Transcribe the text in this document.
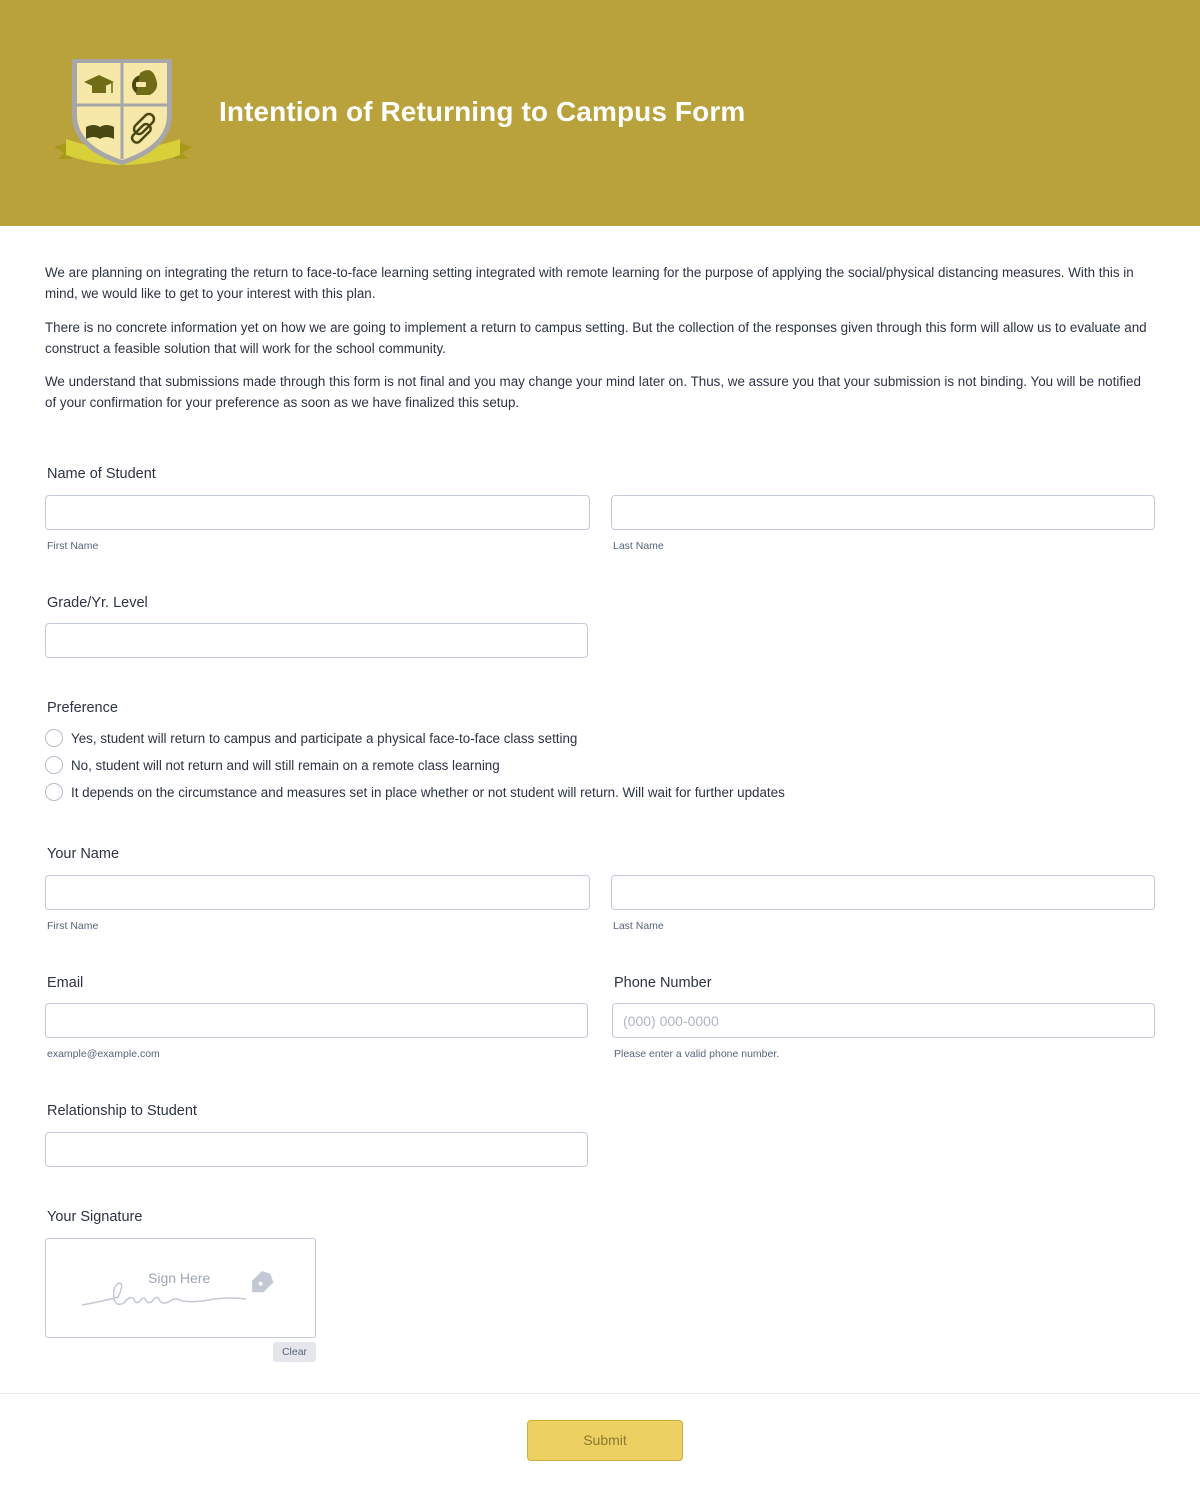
Intention of Returning to Campus Form

We are planning on integrating the return to face-to-face learning setting integrated with remote learning for the purpose of applying the social/physical distancing measures. With this in mind, we would like to get to your interest with this plan.

There is no concrete information yet on how we are going to implement a return to campus setting. But the collection of the responses given through this form will allow us to evaluate and construct a feasible solution that will work for the school community.

We understand that submissions made through this form is not final and you may change your mind later on. Thus, we assure you that your submission is not binding. You will be notified of your confirmation for your preference as soon as we have finalized this setup.

Name of Student
First Name	Last Name
Grade/Yr. Level
Preference
Yes, student will return to campus and participate a physical face-to-face class setting
No, student will not return and will still remain on a remote class learning
It depends on the circumstance and measures set in place whether or not student will return. Will wait for further updates
Your Name
First Name	Last Name
Email
example@example.com
Phone Number
(000) 000-0000
Please enter a valid phone number.
Relationship to Student
Your Signature
Sign Here
Clear
Submit
